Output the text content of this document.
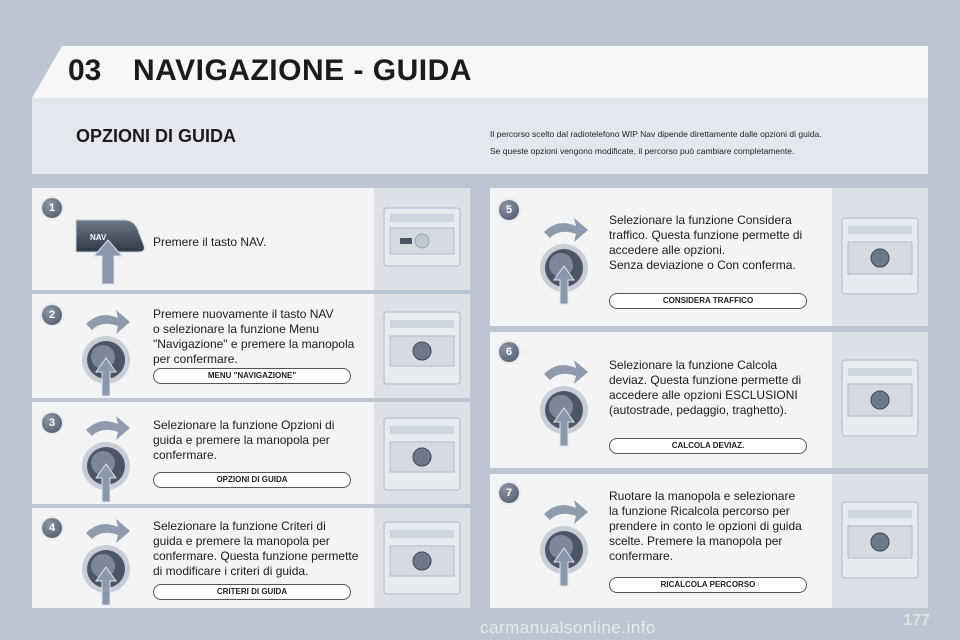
03 NAVIGAZIONE - GUIDA
OPZIONI DI GUIDA	Il percorso scelto dal radiotelefono WIP Nav dipende direttamente dalle opzioni di guida.
Se queste opzioni vengono modificate, il percorso può cambiare completamente.
1
2
3
4
5
6
7
NAV	Premere il tasto NAV.
Premere nuovamente il tasto NAV
o selezionare la funzione Menu
"Navigazione" e premere la manopola
per confermare.
Selezionare la funzione Opzioni di
guida e premere la manopola per
confermare.
Selezionare la funzione Criteri di
guida e premere la manopola per
confermare. Questa funzione permette
di modificare i criteri di guida.
Selezionare la funzione Considera
traffico. Questa funzione permette di
accedere alle opzioni.
Senza deviazione o Con conferma.
Selezionare la funzione Calcola
deviaz. Questa funzione permette di
accedere alle opzioni ESCLUSIONI
(autostrade, pedaggio, traghetto).
Ruotare la manopola e selezionare
la funzione Ricalcola percorso per
prendere in conto le opzioni di guida
scelte. Premere la manopola per
confermare.
MENU "NAVIGAZIONE"
OPZIONI DI GUIDA
CRITERI DI GUIDA
CONSIDERA TRAFFICO
CALCOLA DEVIAZ.
RICALCOLA PERCORSO
177
carmanualsonline.info
